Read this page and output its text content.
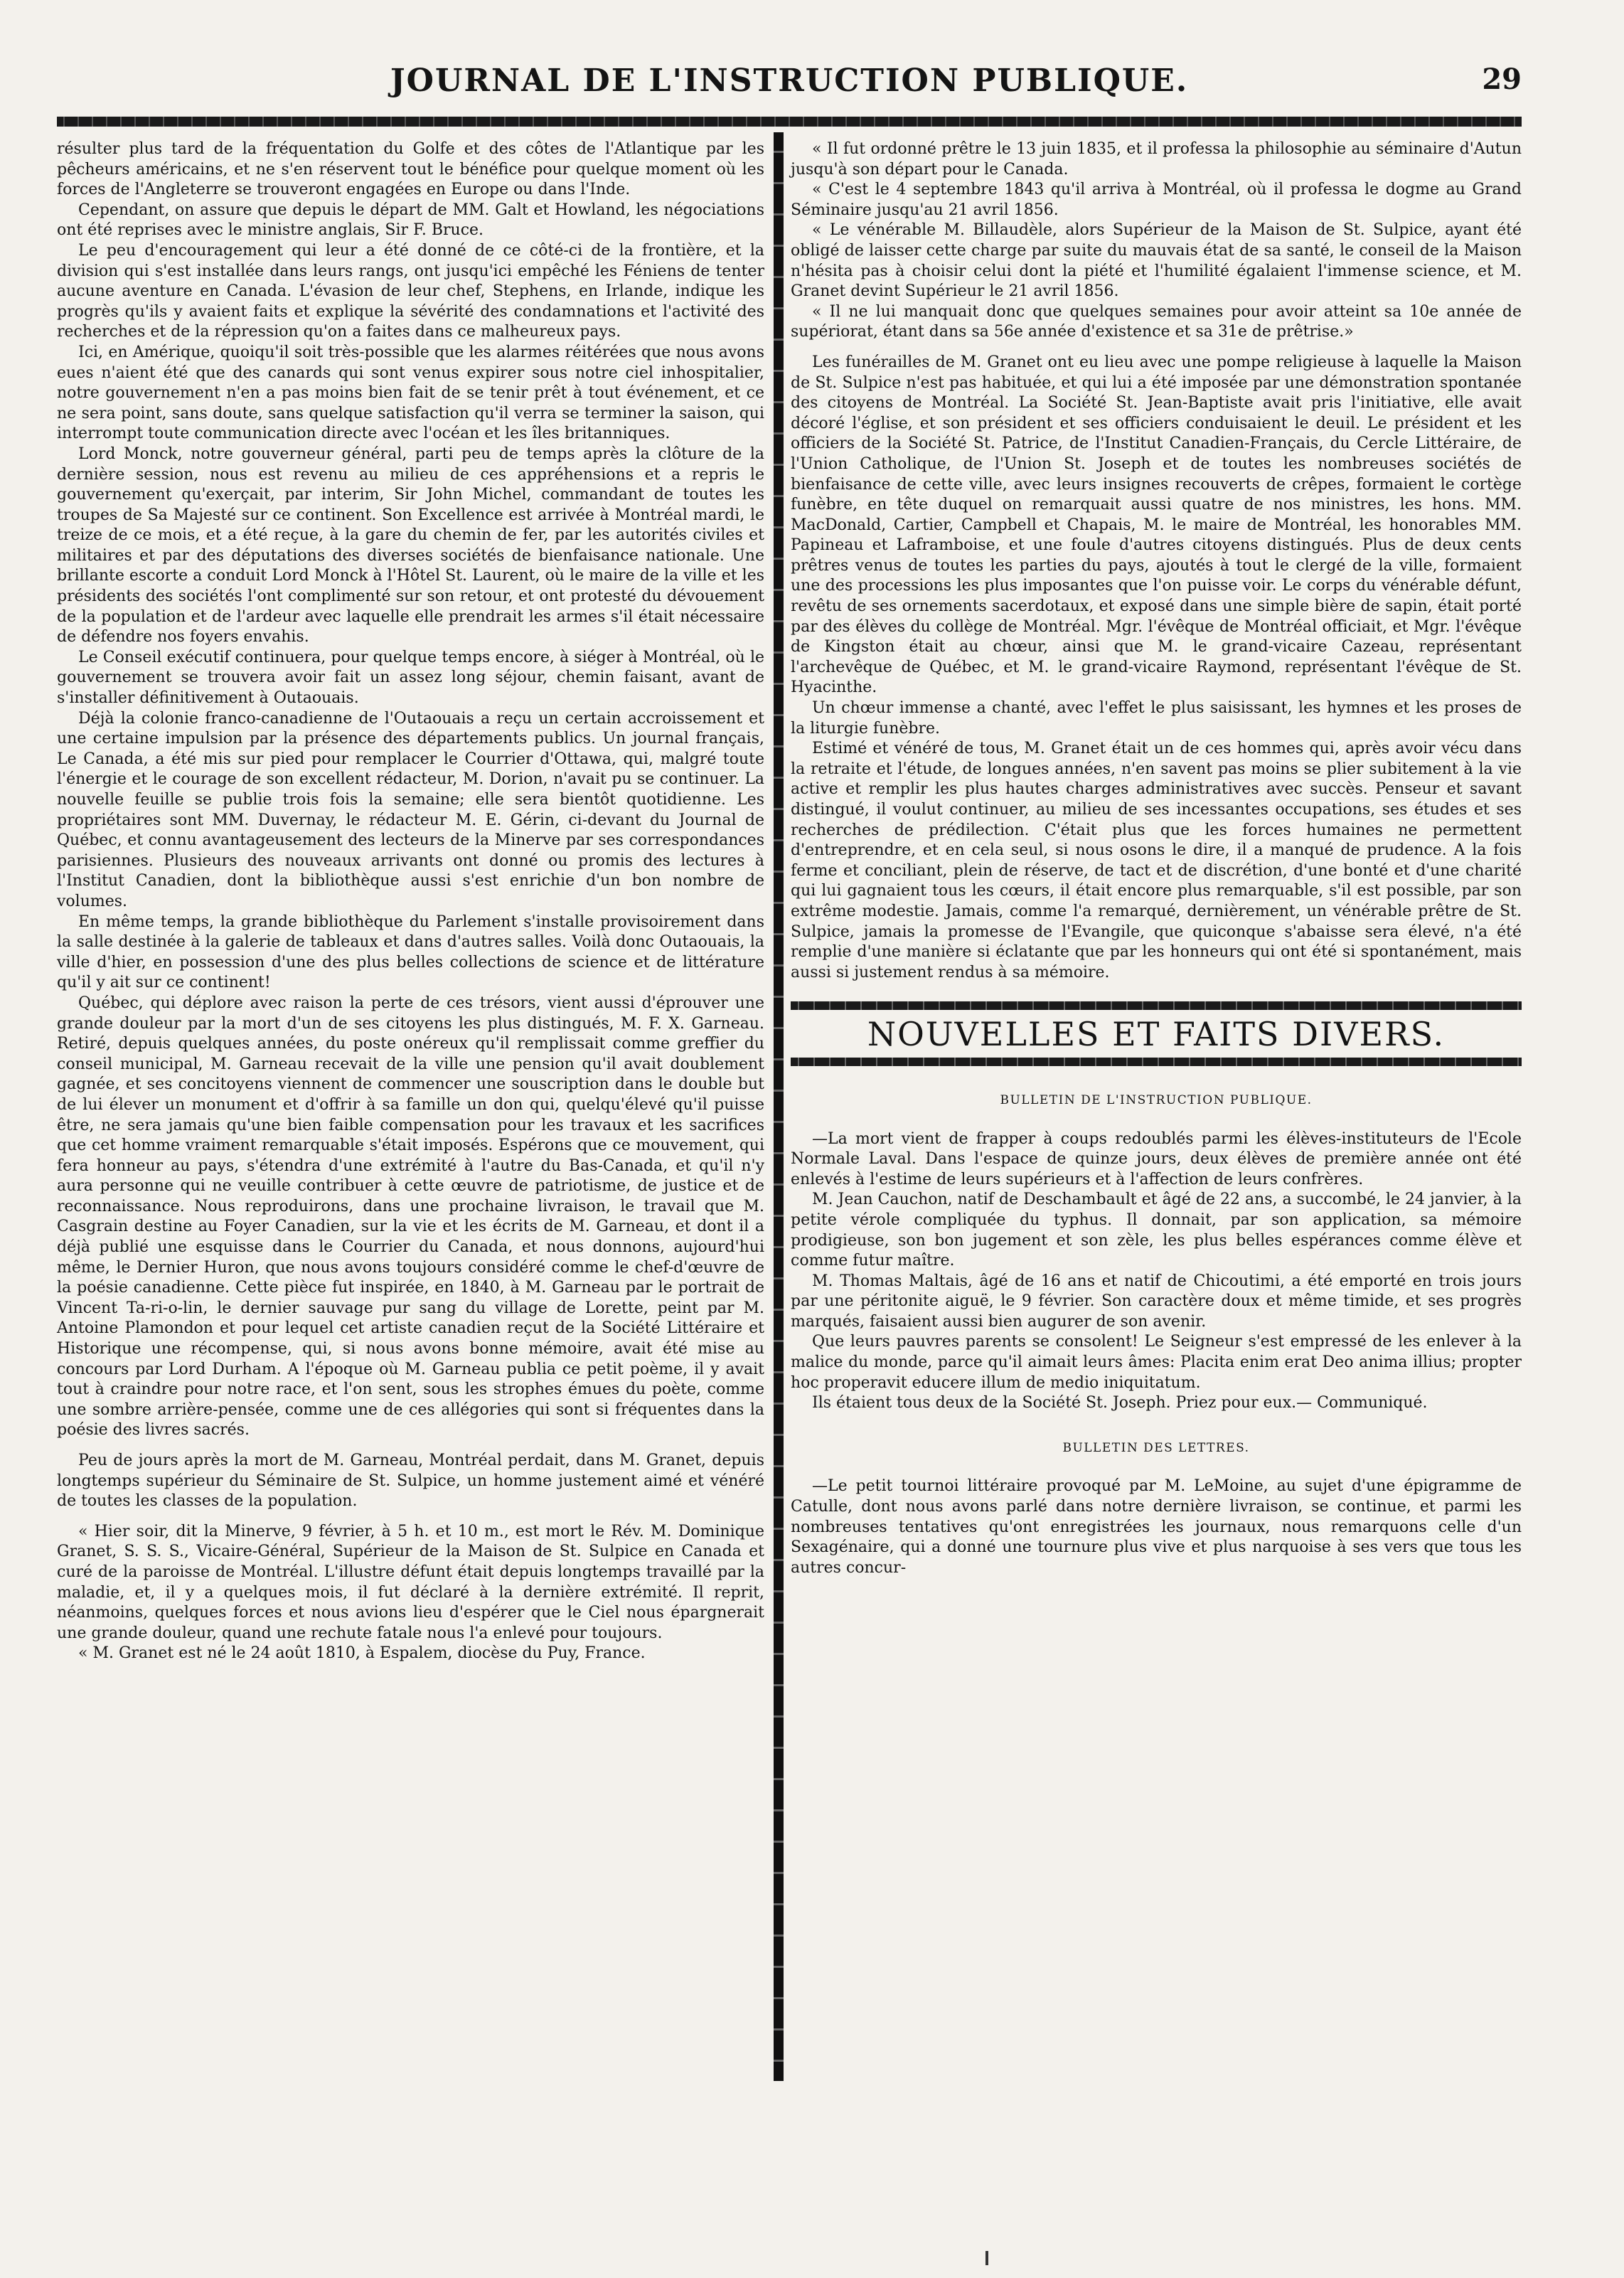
JOURNAL DE L'INSTRUCTION PUBLIQUE.	29

résulter plus tard de la fréquentation du Golfe et des côtes de l'Atlantique par les pêcheurs américains, et ne s'en réservent tout le bénéfice pour quelque moment où les forces de l'Angleterre se trouveront engagées en Europe ou dans l'Inde.

Cependant, on assure que depuis le départ de MM. Galt et Howland, les négociations ont été reprises avec le ministre anglais, Sir F. Bruce.

Le peu d'encouragement qui leur a été donné de ce côté-ci de la frontière, et la division qui s'est installée dans leurs rangs, ont jusqu'ici empêché les Féniens de tenter aucune aventure en Canada. L'évasion de leur chef, Stephens, en Irlande, indique les progrès qu'ils y avaient faits et explique la sévérité des condamnations et l'activité des recherches et de la répression qu'on a faites dans ce malheureux pays.

Ici, en Amérique, quoiqu'il soit très-possible que les alarmes réitérées que nous avons eues n'aient été que des canards qui sont venus expirer sous notre ciel inhospitalier, notre gouvernement n'en a pas moins bien fait de se tenir prêt à tout événement, et ce ne sera point, sans doute, sans quelque satisfaction qu'il verra se terminer la saison, qui interrompt toute communication directe avec l'océan et les îles britanniques.

Lord Monck, notre gouverneur général, parti peu de temps après la clôture de la dernière session, nous est revenu au milieu de ces appréhensions et a repris le gouvernement qu'exerçait, par interim, Sir John Michel, commandant de toutes les troupes de Sa Majesté sur ce continent. Son Excellence est arrivée à Montréal mardi, le treize de ce mois, et a été reçue, à la gare du chemin de fer, par les autorités civiles et militaires et par des députations des diverses sociétés de bienfaisance nationale. Une brillante escorte a conduit Lord Monck à l'Hôtel St. Laurent, où le maire de la ville et les présidents des sociétés l'ont complimenté sur son retour, et ont protesté du dévouement de la population et de l'ardeur avec laquelle elle prendrait les armes s'il était nécessaire de défendre nos foyers envahis.

Le Conseil exécutif continuera, pour quelque temps encore, à siéger à Montréal, où le gouvernement se trouvera avoir fait un assez long séjour, chemin faisant, avant de s'installer définitivement à Outaouais.

Déjà la colonie franco-canadienne de l'Outaouais a reçu un certain accroissement et une certaine impulsion par la présence des départements publics. Un journal français, Le Canada, a été mis sur pied pour remplacer le Courrier d'Ottawa, qui, malgré toute l'énergie et le courage de son excellent rédacteur, M. Dorion, n'avait pu se continuer. La nouvelle feuille se publie trois fois la semaine; elle sera bientôt quotidienne. Les propriétaires sont MM. Duvernay, le rédacteur M. E. Gérin, ci-devant du Journal de Québec, et connu avantageusement des lecteurs de la Minerve par ses correspondances parisiennes. Plusieurs des nouveaux arrivants ont donné ou promis des lectures à l'Institut Canadien, dont la bibliothèque aussi s'est enrichie d'un bon nombre de volumes.

En même temps, la grande bibliothèque du Parlement s'installe provisoirement dans la salle destinée à la galerie de tableaux et dans d'autres salles. Voilà donc Outaouais, la ville d'hier, en possession d'une des plus belles collections de science et de littérature qu'il y ait sur ce continent!

Québec, qui déplore avec raison la perte de ces trésors, vient aussi d'éprouver une grande douleur par la mort d'un de ses citoyens les plus distingués, M. F. X. Garneau. Retiré, depuis quelques années, du poste onéreux qu'il remplissait comme greffier du conseil municipal, M. Garneau recevait de la ville une pension qu'il avait doublement gagnée, et ses concitoyens viennent de commencer une souscription dans le double but de lui élever un monument et d'offrir à sa famille un don qui, quelqu'élevé qu'il puisse être, ne sera jamais qu'une bien faible compensation pour les travaux et les sacrifices que cet homme vraiment remarquable s'était imposés. Espérons que ce mouvement, qui fera honneur au pays, s'étendra d'une extrémité à l'autre du Bas-Canada, et qu'il n'y aura personne qui ne veuille contribuer à cette œuvre de patriotisme, de justice et de reconnaissance. Nous reproduirons, dans une prochaine livraison, le travail que M. Casgrain destine au Foyer Canadien, sur la vie et les écrits de M. Garneau, et dont il a déjà publié une esquisse dans le Courrier du Canada, et nous donnons, aujourd'hui même, le Dernier Huron, que nous avons toujours considéré comme le chef-d'œuvre de la poésie canadienne. Cette pièce fut inspirée, en 1840, à M. Garneau par le portrait de Vincent Ta-ri-o-lin, le dernier sauvage pur sang du village de Lorette, peint par M. Antoine Plamondon et pour lequel cet artiste canadien reçut de la Société Littéraire et Historique une récompense, qui, si nous avons bonne mémoire, avait été mise au concours par Lord Durham. A l'époque où M. Garneau publia ce petit poème, il y avait tout à craindre pour notre race, et l'on sent, sous les strophes émues du poète, comme une sombre arrière-pensée, comme une de ces allégories qui sont si fréquentes dans la poésie des livres sacrés.

Peu de jours après la mort de M. Garneau, Montréal perdait, dans M. Granet, depuis longtemps supérieur du Séminaire de St. Sulpice, un homme justement aimé et vénéré de toutes les classes de la population.

« Hier soir, dit la Minerve, 9 février, à 5 h. et 10 m., est mort le Rév. M. Dominique Granet, S. S. S., Vicaire-Général, Supérieur de la Maison de St. Sulpice en Canada et curé de la paroisse de Montréal. L'illustre défunt était depuis longtemps travaillé par la maladie, et, il y a quelques mois, il fut déclaré à la dernière extrémité. Il reprit, néanmoins, quelques forces et nous avions lieu d'espérer que le Ciel nous épargnerait une grande douleur, quand une rechute fatale nous l'a enlevé pour toujours.

« M. Granet est né le 24 août 1810, à Espalem, diocèse du Puy, France.

« Il fut ordonné prêtre le 13 juin 1835, et il professa la philosophie au séminaire d'Autun jusqu'à son départ pour le Canada.

« C'est le 4 septembre 1843 qu'il arriva à Montréal, où il professa le dogme au Grand Séminaire jusqu'au 21 avril 1856.

« Le vénérable M. Billaudèle, alors Supérieur de la Maison de St. Sulpice, ayant été obligé de laisser cette charge par suite du mauvais état de sa santé, le conseil de la Maison n'hésita pas à choisir celui dont la piété et l'humilité égalaient l'immense science, et M. Granet devint Supérieur le 21 avril 1856.

« Il ne lui manquait donc que quelques semaines pour avoir atteint sa 10e année de supériorat, étant dans sa 56e année d'existence et sa 31e de prêtrise.»

Les funérailles de M. Granet ont eu lieu avec une pompe religieuse à laquelle la Maison de St. Sulpice n'est pas habituée, et qui lui a été imposée par une démonstration spontanée des citoyens de Montréal. La Société St. Jean-Baptiste avait pris l'initiative, elle avait décoré l'église, et son président et ses officiers conduisaient le deuil. Le président et les officiers de la Société St. Patrice, de l'Institut Canadien-Français, du Cercle Littéraire, de l'Union Catholique, de l'Union St. Joseph et de toutes les nombreuses sociétés de bienfaisance de cette ville, avec leurs insignes recouverts de crêpes, formaient le cortège funèbre, en tête duquel on remarquait aussi quatre de nos ministres, les hons. MM. MacDonald, Cartier, Campbell et Chapais, M. le maire de Montréal, les honorables MM. Papineau et Laframboise, et une foule d'autres citoyens distingués. Plus de deux cents prêtres venus de toutes les parties du pays, ajoutés à tout le clergé de la ville, formaient une des processions les plus imposantes que l'on puisse voir. Le corps du vénérable défunt, revêtu de ses ornements sacerdotaux, et exposé dans une simple bière de sapin, était porté par des élèves du collège de Montréal. Mgr. l'évêque de Montréal officiait, et Mgr. l'évêque de Kingston était au chœur, ainsi que M. le grand-vicaire Cazeau, représentant l'archevêque de Québec, et M. le grand-vicaire Raymond, représentant l'évêque de St. Hyacinthe.

Un chœur immense a chanté, avec l'effet le plus saisissant, les hymnes et les proses de la liturgie funèbre.

Estimé et vénéré de tous, M. Granet était un de ces hommes qui, après avoir vécu dans la retraite et l'étude, de longues années, n'en savent pas moins se plier subitement à la vie active et remplir les plus hautes charges administratives avec succès. Penseur et savant distingué, il voulut continuer, au milieu de ses incessantes occupations, ses études et ses recherches de prédilection. C'était plus que les forces humaines ne permettent d'entreprendre, et en cela seul, si nous osons le dire, il a manqué de prudence. A la fois ferme et conciliant, plein de réserve, de tact et de discrétion, d'une bonté et d'une charité qui lui gagnaient tous les cœurs, il était encore plus remarquable, s'il est possible, par son extrême modestie. Jamais, comme l'a remarqué, dernièrement, un vénérable prêtre de St. Sulpice, jamais la promesse de l'Evangile, que quiconque s'abaisse sera élevé, n'a été remplie d'une manière si éclatante que par les honneurs qui ont été si spontanément, mais aussi si justement rendus à sa mémoire.

NOUVELLES ET FAITS DIVERS.
BULLETIN DE L'INSTRUCTION PUBLIQUE.

—La mort vient de frapper à coups redoublés parmi les élèves-instituteurs de l'Ecole Normale Laval. Dans l'espace de quinze jours, deux élèves de première année ont été enlevés à l'estime de leurs supérieurs et à l'affection de leurs confrères.

M. Jean Cauchon, natif de Deschambault et âgé de 22 ans, a succombé, le 24 janvier, à la petite vérole compliquée du typhus. Il donnait, par son application, sa mémoire prodigieuse, son bon jugement et son zèle, les plus belles espérances comme élève et comme futur maître.

M. Thomas Maltais, âgé de 16 ans et natif de Chicoutimi, a été emporté en trois jours par une péritonite aiguë, le 9 février. Son caractère doux et même timide, et ses progrès marqués, faisaient aussi bien augurer de son avenir.

Que leurs pauvres parents se consolent! Le Seigneur s'est empressé de les enlever à la malice du monde, parce qu'il aimait leurs âmes: Placita enim erat Deo anima illius; propter hoc properavit educere illum de medio iniquitatum.

Ils étaient tous deux de la Société St. Joseph. Priez pour eux.— Communiqué.

BULLETIN DES LETTRES.

—Le petit tournoi littéraire provoqué par M. LeMoine, au sujet d'une épigramme de Catulle, dont nous avons parlé dans notre dernière livraison, se continue, et parmi les nombreuses tentatives qu'ont enregistrées les journaux, nous remarquons celle d'un Sexagénaire, qui a donné une tournure plus vive et plus narquoise à ses vers que tous les autres concur-
